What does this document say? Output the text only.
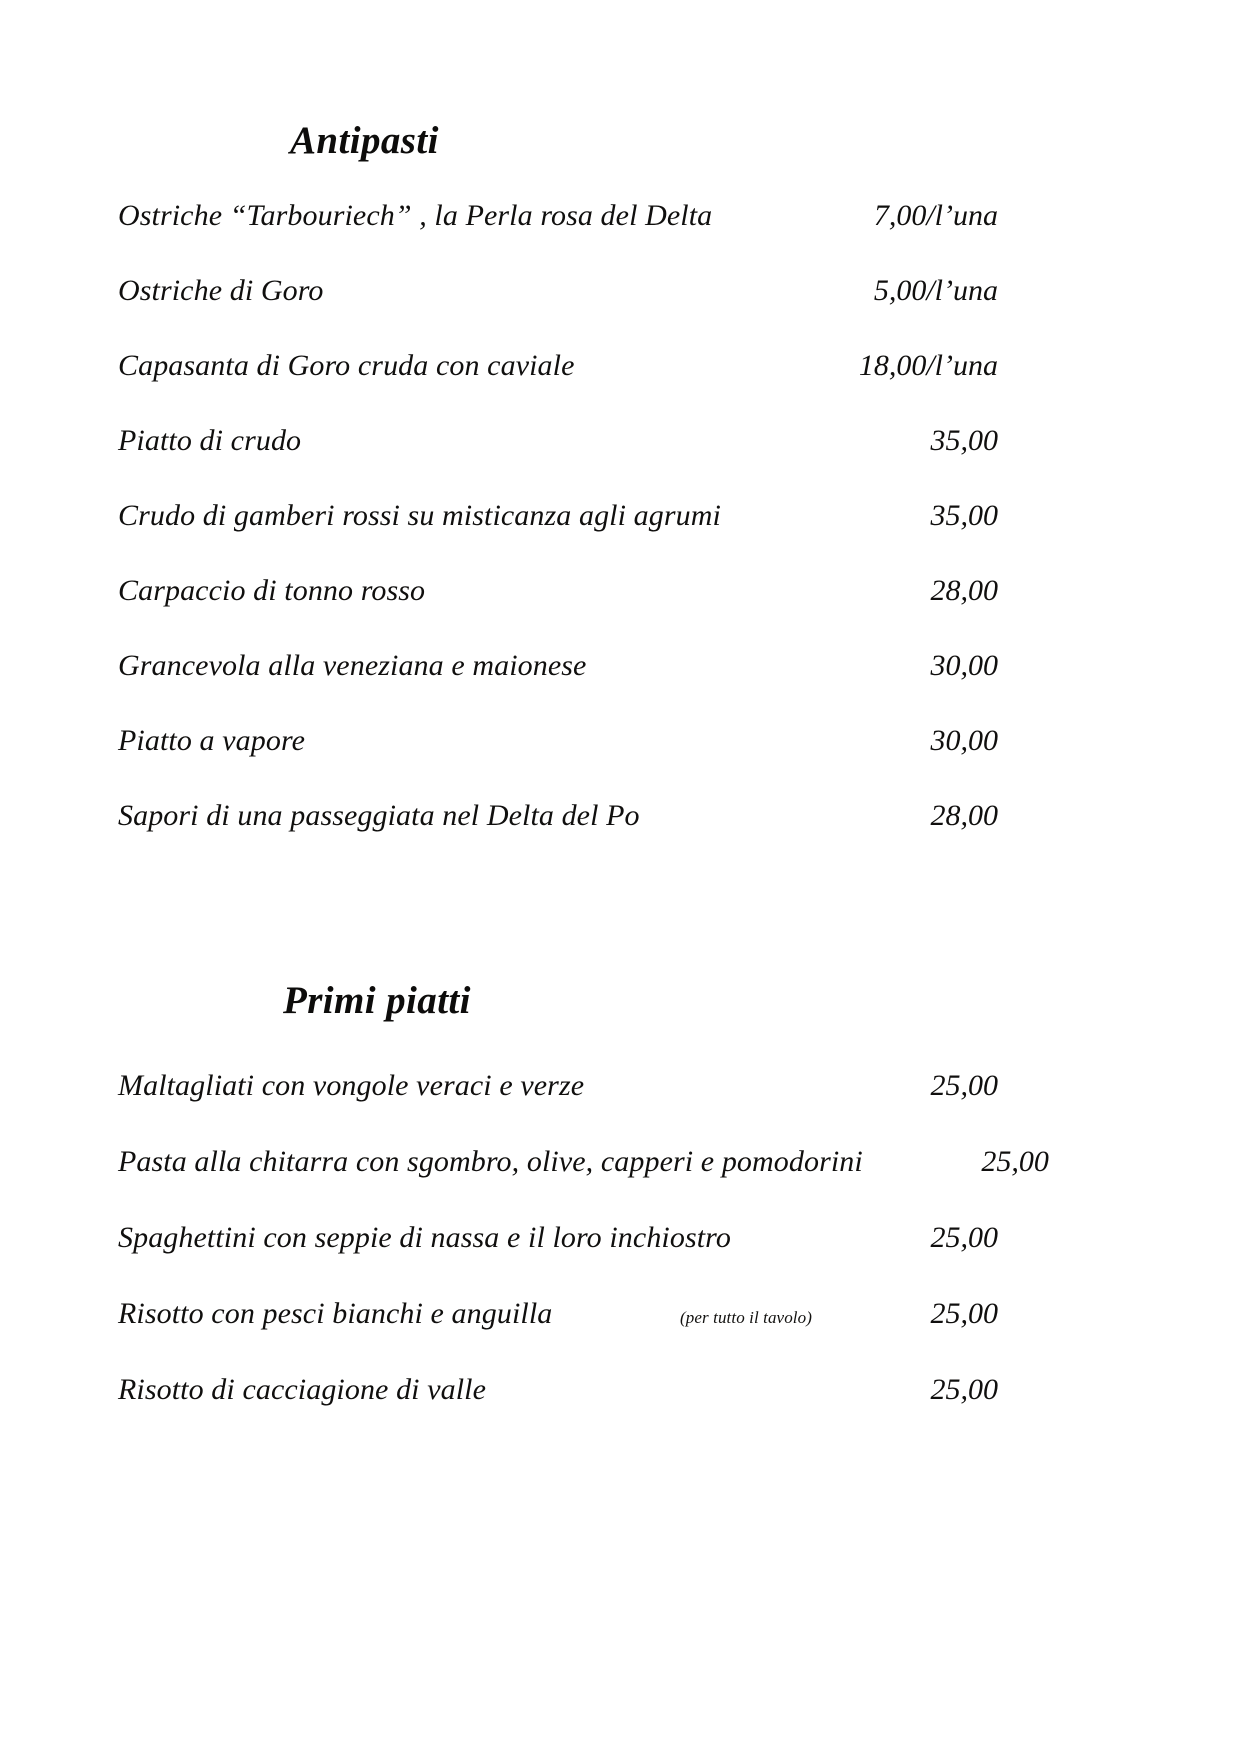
Antipasti
Ostriche “Tarbouriech” , la Perla rosa del Delta	7,00/l’una
Ostriche di Goro	5,00/l’una
Capasanta di Goro cruda con caviale	18,00/l’una
Piatto di crudo	35,00
Crudo di gamberi rossi su misticanza agli agrumi	35,00
Carpaccio di tonno rosso	28,00
Grancevola alla veneziana e maionese	30,00
Piatto a vapore	30,00
Sapori di una passeggiata nel Delta del Po	28,00
Primi piatti
Maltagliati con vongole veraci e verze	25,00
Pasta alla chitarra con sgombro, olive, capperi e pomodorini	25,00
Spaghettini con seppie di nassa e il loro inchiostro	25,00
Risotto con pesci bianchi e anguilla	(per tutto il tavolo)	25,00
Risotto di cacciagione di valle	25,00
